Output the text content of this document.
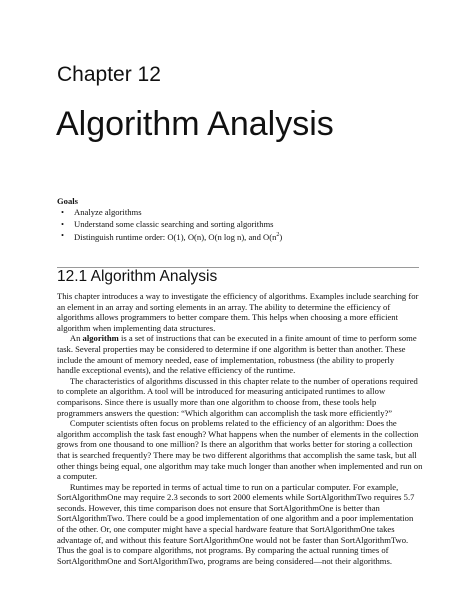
Chapter 12
Algorithm Analysis

Goals

• Analyze algorithms
• Understand some classic searching and sorting algorithms
• Distinguish runtime order: O(1), O(n), O(n log n), and $O(n^2)$
12.1 Algorithm Analysis
This chapter introduces a way to investigate the efficiency of algorithms. Examples include searching for
an element in an array and sorting elements in an array. The ability to determine the efficiency of
algorithms allows programmers to better compare them. This helps when choosing a more efficient
algorithm when implementing data structures.
  An algorithm is a set of instructions that can be executed in a finite amount of time to perform some
task. Several properties may be considered to determine if one algorithm is better than another. These
include the amount of memory needed, ease of implementation, robustness (the ability to properly
handle exceptional events), and the relative efficiency of the runtime.
  The characteristics of algorithms discussed in this chapter relate to the number of operations required
to complete an algorithm. A tool will be introduced for measuring anticipated runtimes to allow
comparisons. Since there is usually more than one algorithm to choose from, these tools help
programmers answers the question: “Which algorithm can accomplish the task more efficiently?”
  Computer scientists often focus on problems related to the efficiency of an algorithm: Does the
algorithm accomplish the task fast enough? What happens when the number of elements in the collection
grows from one thousand to one million? Is there an algorithm that works better for storing a collection
that is searched frequently? There may be two different algorithms that accomplish the same task, but all
other things being equal, one algorithm may take much longer than another when implemented and run on
a computer.
  Runtimes may be reported in terms of actual time to run on a particular computer. For example,
SortAlgorithmOne may require 2.3 seconds to sort 2000 elements while SortAlgorithmTwo requires 5.7
seconds. However, this time comparison does not ensure that SortAlgorithmOne is better than
SortAlgorithmTwo. There could be a good implementation of one algorithm and a poor implementation
of the other. Or, one computer might have a special hardware feature that SortAlgorithmOne takes
advantage of, and without this feature SortAlgorithmOne would not be faster than SortAlgorithmTwo.
Thus the goal is to compare algorithms, not programs. By comparing the actual running times of
SortAlgorithmOne and SortAlgorithmTwo, programs are being considered—not their algorithms.
